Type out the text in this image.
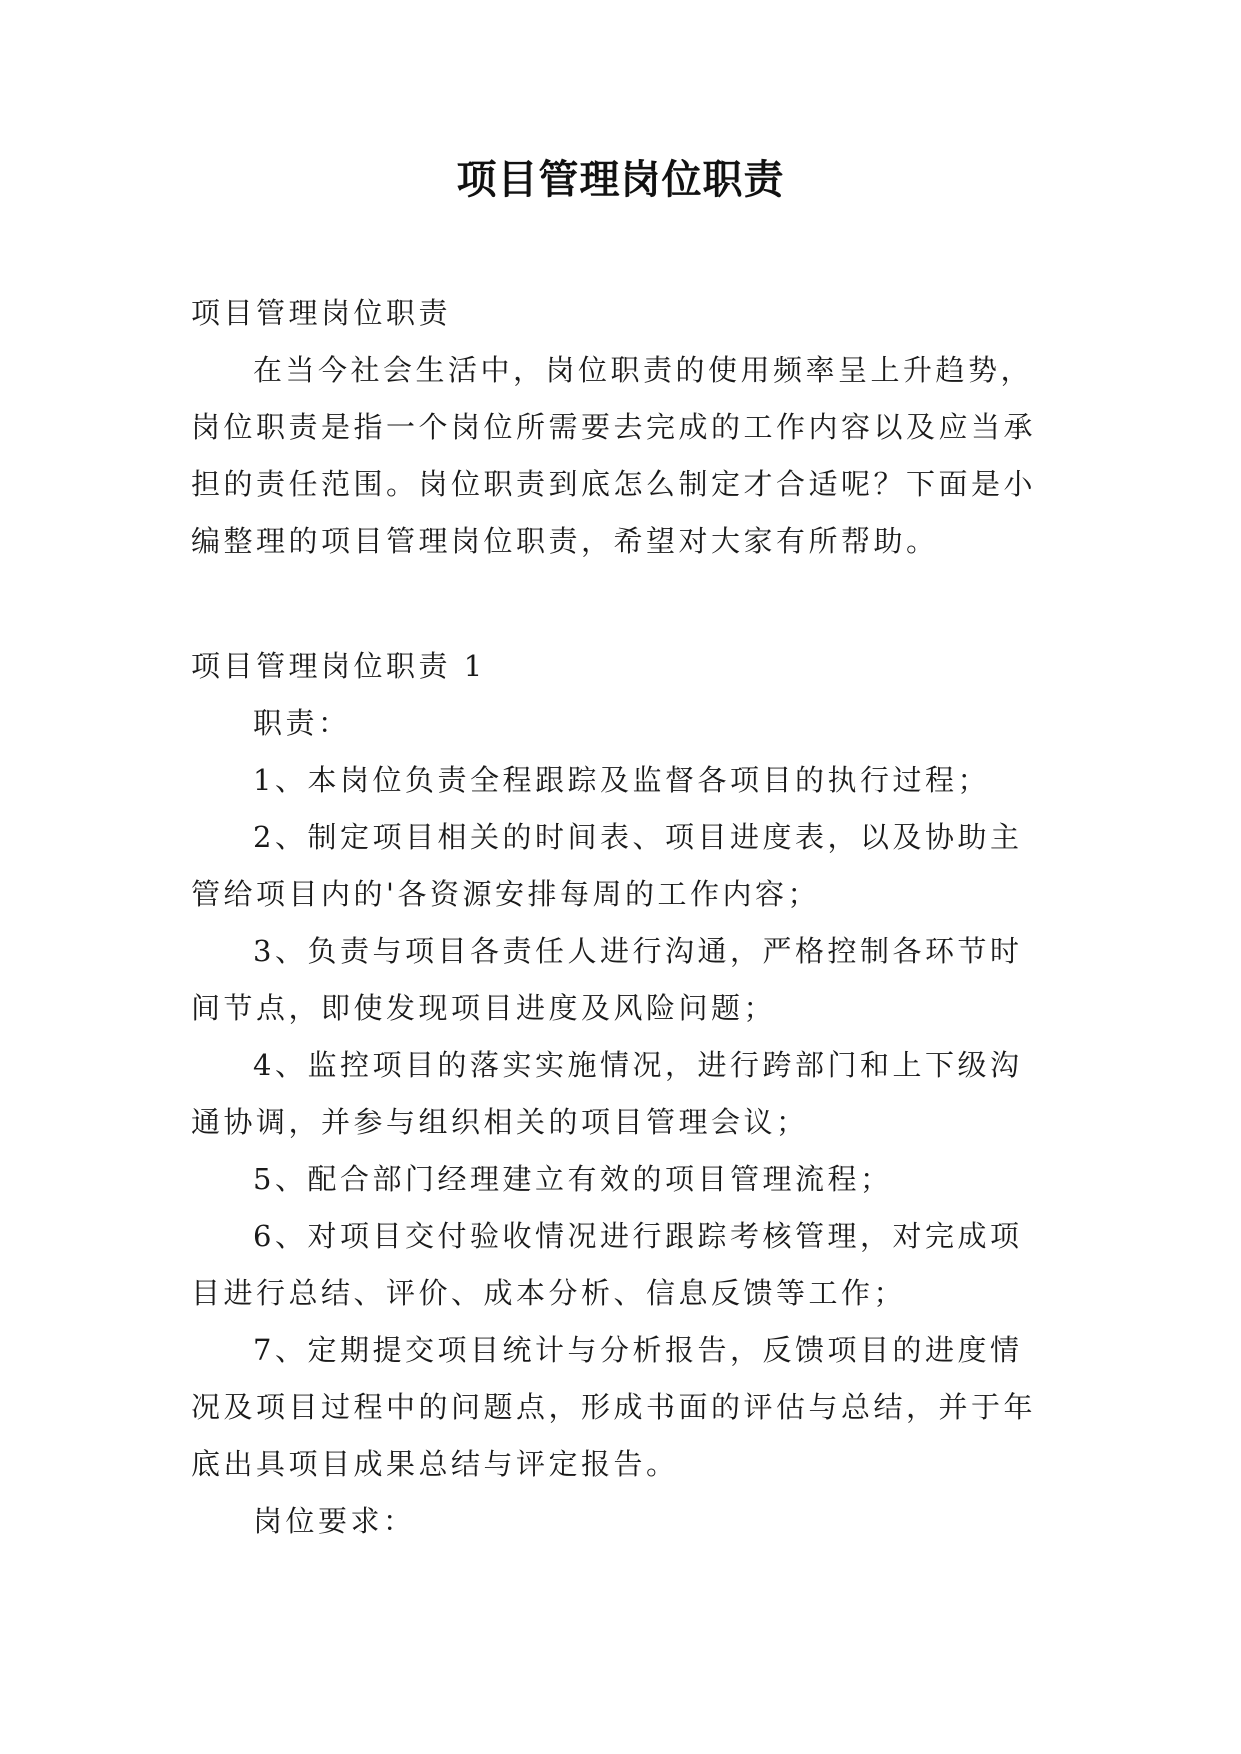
项目管理岗位职责

项目管理岗位职责

在当今社会生活中，岗位职责的使用频率呈上升趋势，岗位职责是指一个岗位所需要去完成的工作内容以及应当承担的责任范围。岗位职责到底怎么制定才合适呢？下面是小编整理的项目管理岗位职责，希望对大家有所帮助。

项目管理岗位职责 1

职责：

1、本岗位负责全程跟踪及监督各项目的执行过程；

2、制定项目相关的时间表、项目进度表，以及协助主管给项目内的'各资源安排每周的工作内容；

3、负责与项目各责任人进行沟通，严格控制各环节时间节点，即使发现项目进度及风险问题；

4、监控项目的落实实施情况，进行跨部门和上下级沟通协调，并参与组织相关的项目管理会议；

5、配合部门经理建立有效的项目管理流程；

6、对项目交付验收情况进行跟踪考核管理，对完成项目进行总结、评价、成本分析、信息反馈等工作；

7、定期提交项目统计与分析报告，反馈项目的进度情况及项目过程中的问题点，形成书面的评估与总结，并于年底出具项目成果总结与评定报告。

岗位要求：
